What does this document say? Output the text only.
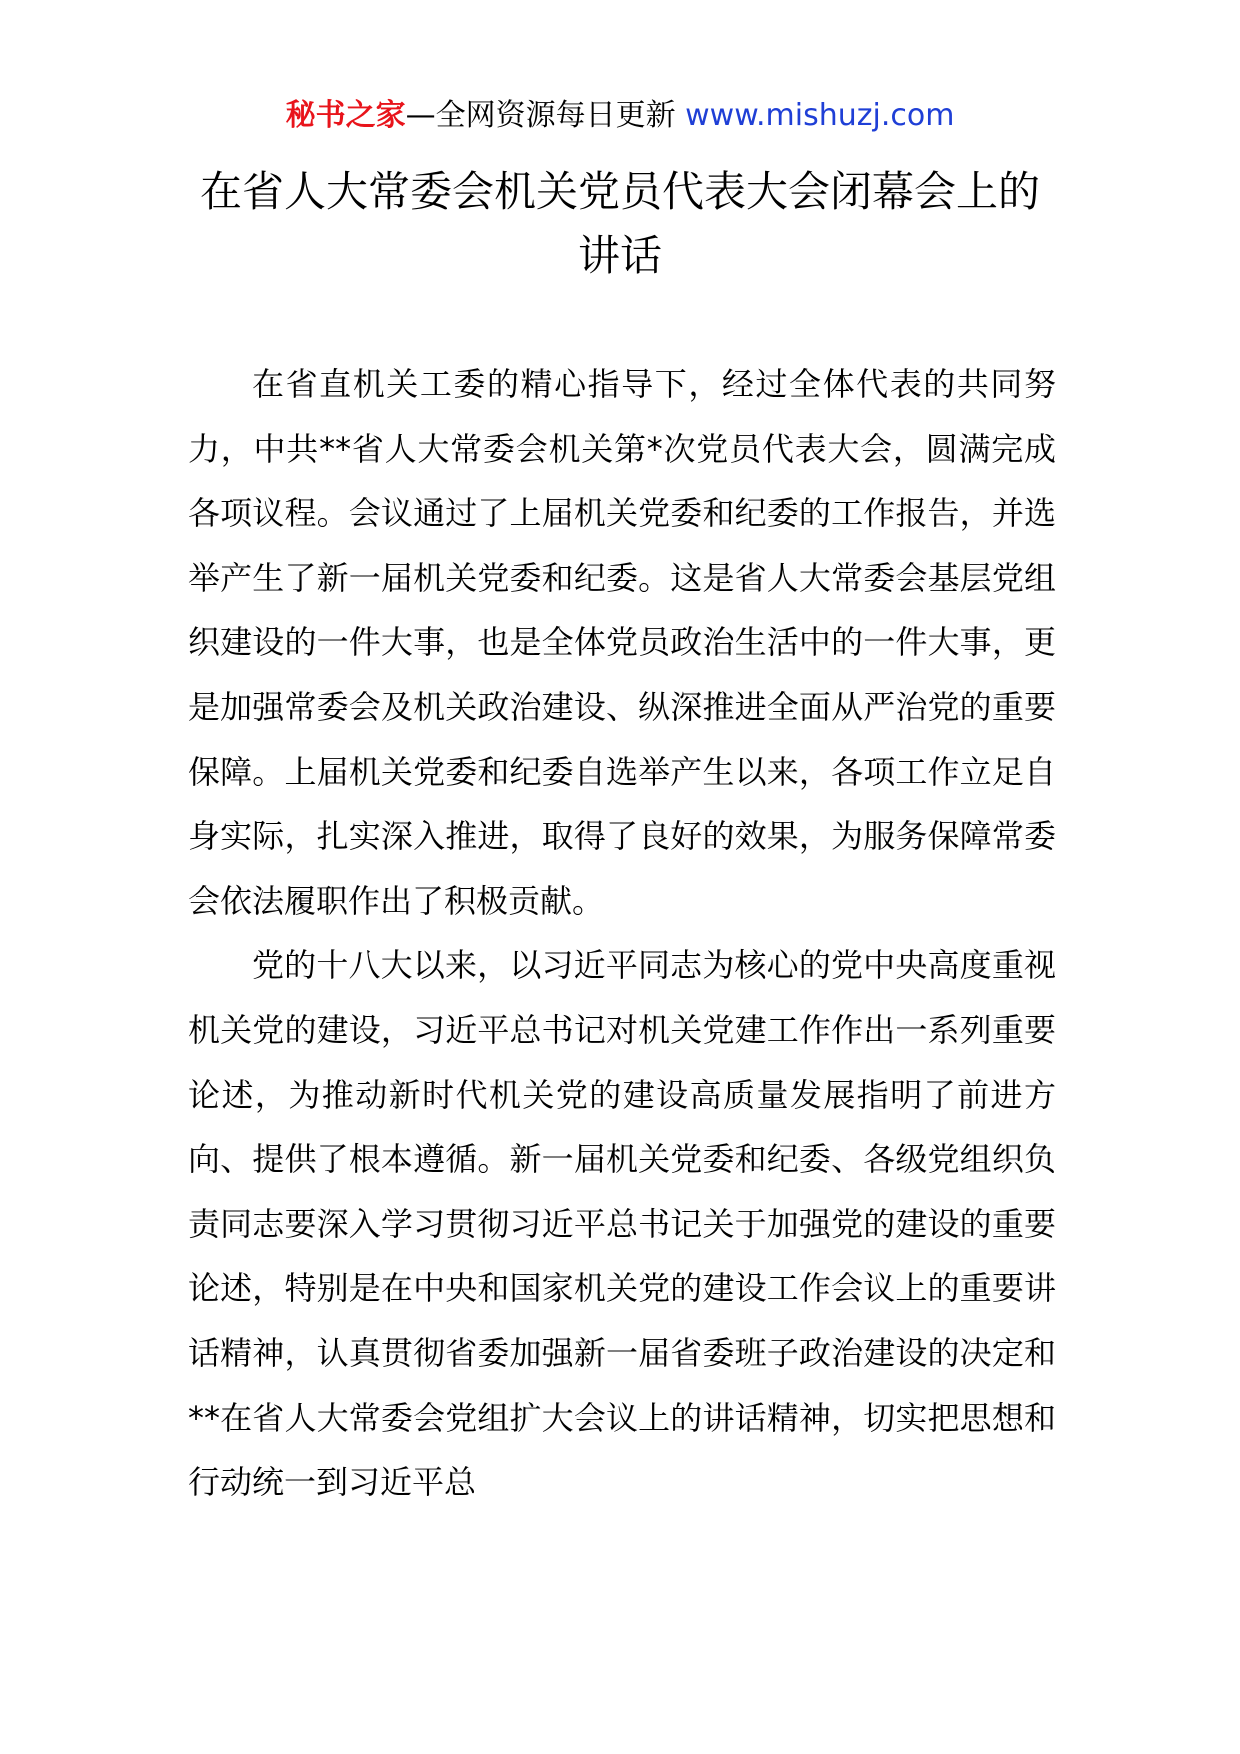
秘书之家—全网资源每日更新 www.mishuzj.com
在省人大常委会机关党员代表大会闭幕会上的讲话

在省直机关工委的精心指导下，经过全体代表的共同努力，中共**省人大常委会机关第*次党员代表大会，圆满完成各项议程。会议通过了上届机关党委和纪委的工作报告，并选举产生了新一届机关党委和纪委。这是省人大常委会基层党组织建设的一件大事，也是全体党员政治生活中的一件大事，更是加强常委会及机关政治建设、纵深推进全面从严治党的重要保障。上届机关党委和纪委自选举产生以来，各项工作立足自身实际，扎实深入推进，取得了良好的效果，为服务保障常委会依法履职作出了积极贡献。

党的十八大以来，以习近平同志为核心的党中央高度重视机关党的建设，习近平总书记对机关党建工作作出一系列重要论述，为推动新时代机关党的建设高质量发展指明了前进方向、提供了根本遵循。新一届机关党委和纪委、各级党组织负责同志要深入学习贯彻习近平总书记关于加强党的建设的重要论述，特别是在中央和国家机关党的建设工作会议上的重要讲话精神，认真贯彻省委加强新一届省委班子政治建设的决定和**在省人大常委会党组扩大会议上的讲话精神，切实把思想和行动统一到习近平总
